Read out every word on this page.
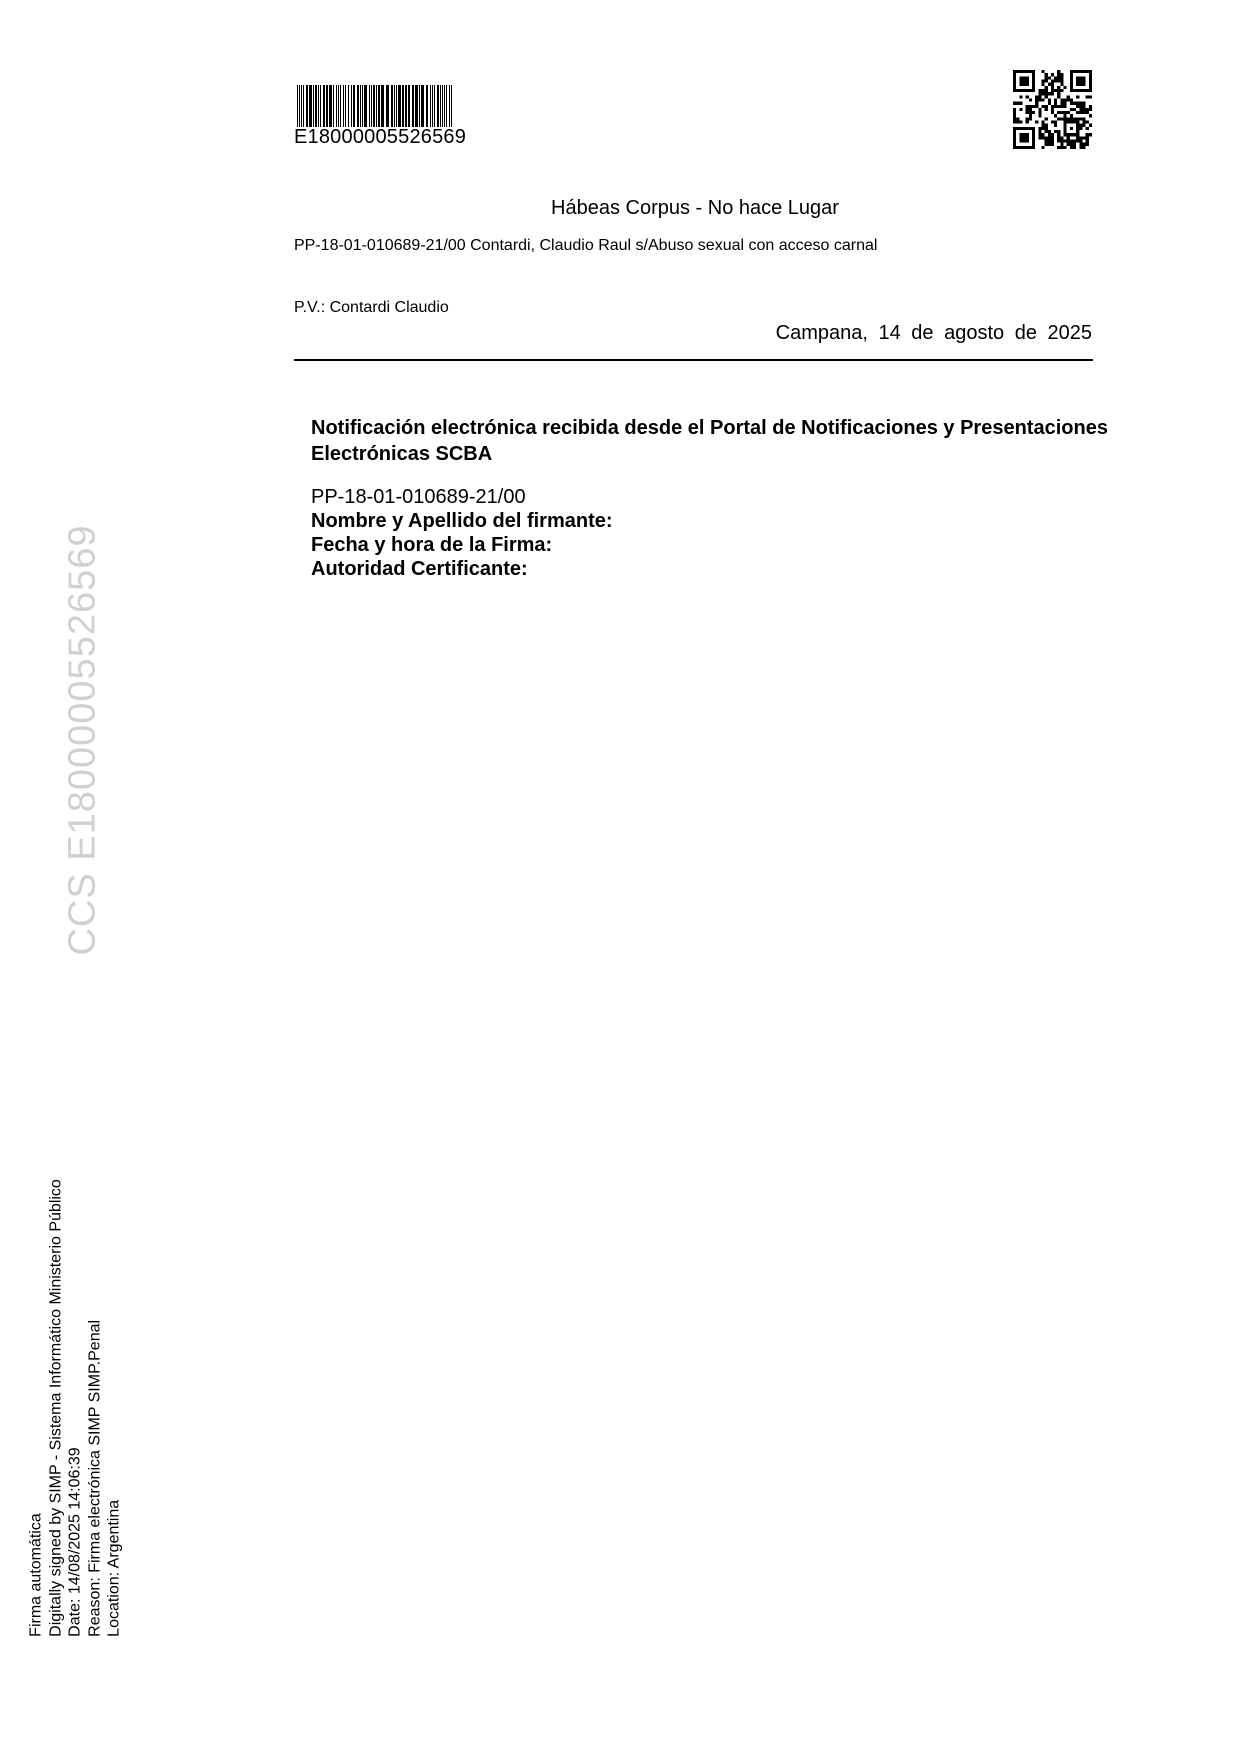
E18000005526569
Hábeas Corpus - No hace Lugar
PP-18-01-010689-21/00 Contardi, Claudio Raul s/Abuso sexual con acceso carnal
P.V.: Contardi Claudio
Campana, 14 de agosto de 2025
Notificación electrónica recibida desde el Portal de Notificaciones y Presentaciones Electrónicas SCBA
PP-18-01-010689-21/00
Nombre y Apellido del firmante:
Fecha y hora de la Firma:
Autoridad Certificante:
CCS E18000005526569
Firma automática Digitally signed by SIMP - Sistema Informático Ministerio Público Date: 14/08/2025 14:06:39 Reason: Firma electrónica SIMP SIMP.Penal Location: Argentina
